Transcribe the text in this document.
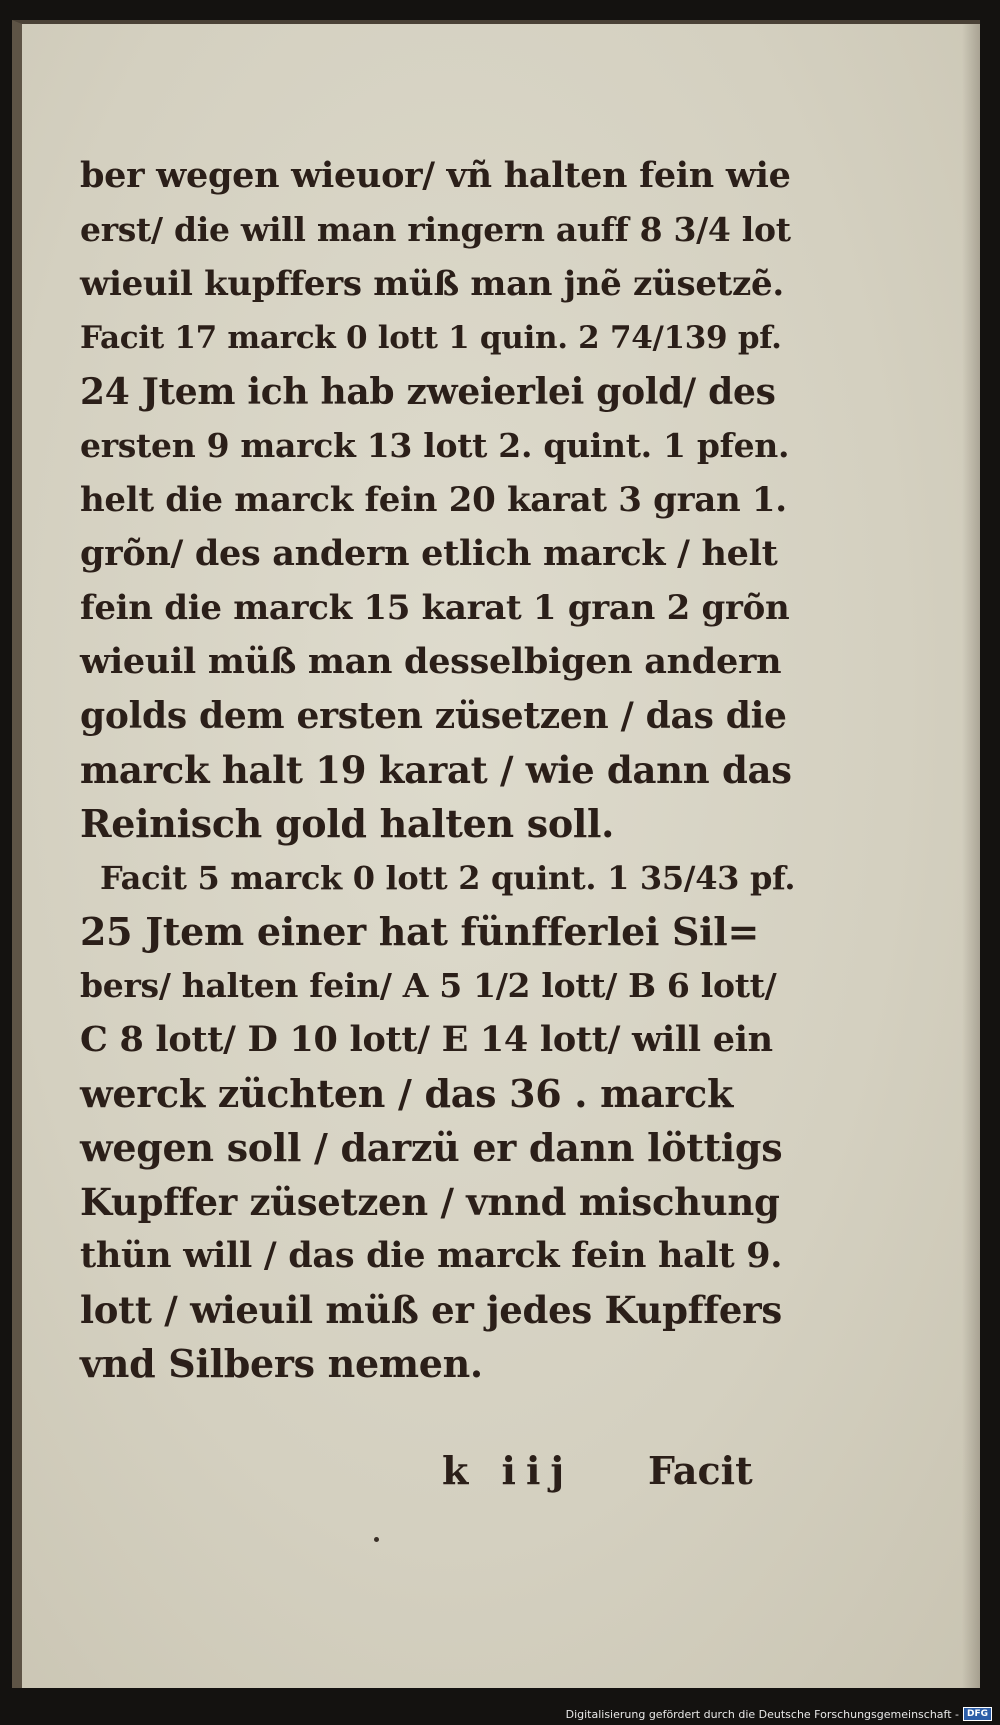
ber wegen wieuor/ vñ halten fein wie
erst/ die will man ringern auff 8 3/4 lot
wieuil kupffers müß man jnẽ züsetzẽ.
Facit 17 marck 0 lott 1 quin. 2 74/139 pf.
24 Jtem ich hab zweierlei gold/ des
ersten 9 marck 13 lott 2. quint. 1 pfen.
helt die marck fein 20 karat 3 gran 1.
grõn/ des andern etlich marck / helt
fein die marck 15 karat 1 gran 2 grõn
wieuil müß man desselbigen andern
golds dem ersten züsetzen / das die
marck halt 19 karat / wie dann das
Reinisch gold halten soll.
Facit 5 marck 0 lott 2 quint. 1 35/43 pf.
25 Jtem einer hat fünfferlei Sil=
bers/ halten fein/ A 5 1/2 lott/ B 6 lott/
C 8 lott/ D 10 lott/ E 14 lott/ will ein
werck züchten / das 36 . marck
wegen soll / darzü er dann löttigs
Kupffer züsetzen / vnnd mischung
thün will / das die marck fein halt 9.
lott / wieuil müß er jedes Kupffers
vnd Silbers nemen.
k iij Facit
Digitalisierung gefördert durch die Deutsche Forschungsgemeinschaft - DFG
